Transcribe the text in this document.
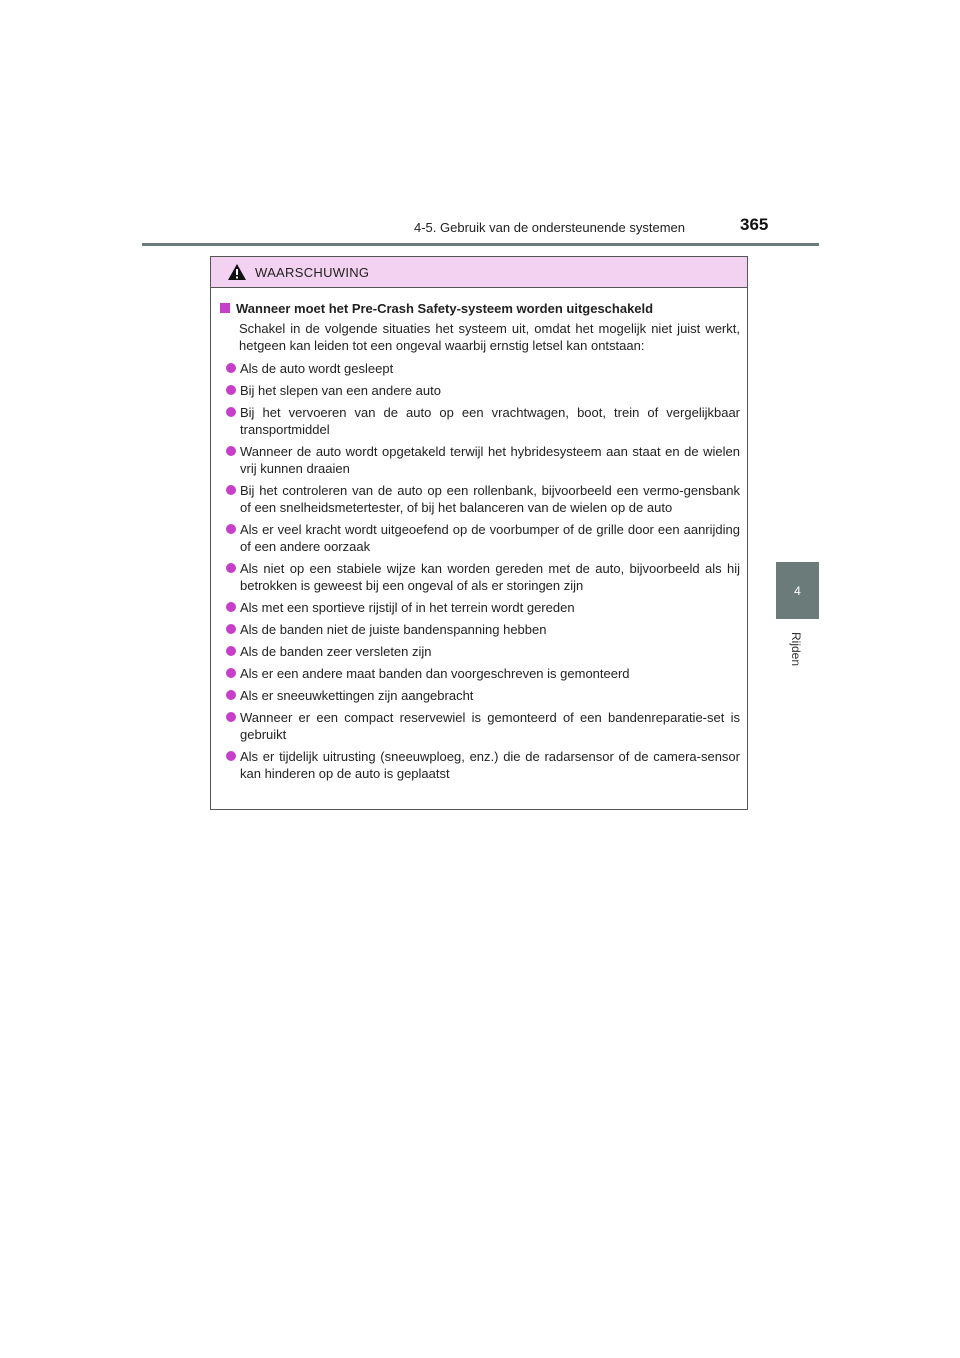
4-5. Gebruik van de ondersteunende systemen	365
4
Rijden
WAARSCHUWING
Wanneer moet het Pre-Crash Safety-systeem worden uitgeschakeld
Schakel in de volgende situaties het systeem uit, omdat het mogelijk niet juist werkt, hetgeen kan leiden tot een ongeval waarbij ernstig letsel kan ontstaan:
Als de auto wordt gesleept
Bij het slepen van een andere auto
Bij het vervoeren van de auto op een vrachtwagen, boot, trein of vergelijkbaar transportmiddel
Wanneer de auto wordt opgetakeld terwijl het hybridesysteem aan staat en de wielen vrij kunnen draaien
Bij het controleren van de auto op een rollenbank, bijvoorbeeld een vermo-gensbank of een snelheidsmetertester, of bij het balanceren van de wielen op de auto
Als er veel kracht wordt uitgeoefend op de voorbumper of de grille door een aanrijding of een andere oorzaak
Als niet op een stabiele wijze kan worden gereden met de auto, bijvoorbeeld als hij betrokken is geweest bij een ongeval of als er storingen zijn
Als met een sportieve rijstijl of in het terrein wordt gereden
Als de banden niet de juiste bandenspanning hebben
Als de banden zeer versleten zijn
Als er een andere maat banden dan voorgeschreven is gemonteerd
Als er sneeuwkettingen zijn aangebracht
Wanneer er een compact reservewiel is gemonteerd of een bandenreparatie-set is gebruikt
Als er tijdelijk uitrusting (sneeuwploeg, enz.) die de radarsensor of de camera-sensor kan hinderen op de auto is geplaatst
